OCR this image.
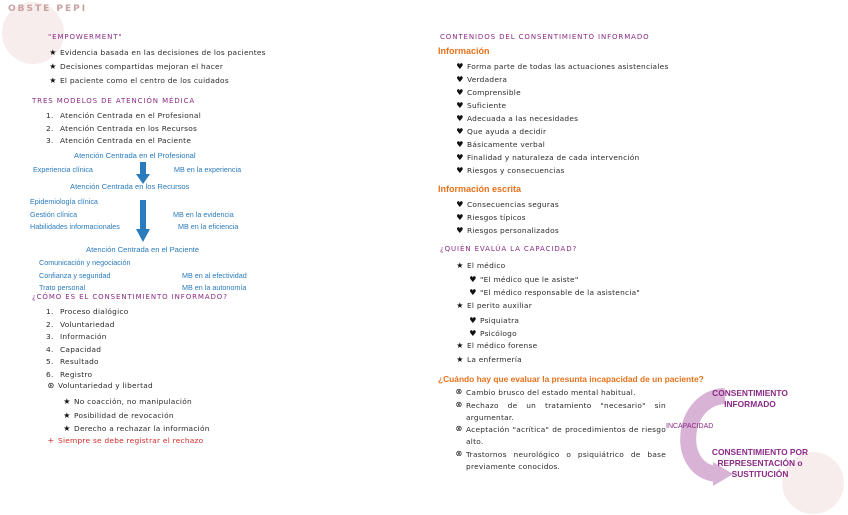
OBSTE PEPI
"EMPOWERMENT"
★ Evidencia basada en las decisiones de los pacientes
★ Decisiones compartidas mejoran el hacer
★ El paciente como el centro de los cuidados
TRES MODELOS DE ATENCIÓN MÉDICA
1. Atención Centrada en el Profesional
2. Atención Centrada en los Recursos
3. Atención Centrada en el Paciente
Atención Centrada en el Profesional
Experiencia clínica	MB en la experiencia
Atención Centrada en los Recursos
Epidemiología clínica
Gestión clínica
Habilidades informacionales
MB en la evidencia
MB en la eficiencia
Atención Centrada en el Paciente
Comunicación y negociación
Confianza y seguridad
Trato personal
MB en al efectividad
MB en la autonomía
¿CÓMO ES EL CONSENTIMIENTO INFORMADO?
1. Proceso dialógico
2. Voluntariedad
3. Información
4. Capacidad
5. Resultado
6. Registro
⊛ Voluntariedad y libertad
★ No coacción, no manipulación
★ Posibilidad de revocación
★ Derecho a rechazar la información
+ Siempre se debe registrar el rechazo
CONTENIDOS DEL CONSENTIMIENTO INFORMADO
Información
♥ Forma parte de todas las actuaciones asistenciales
♥ Verdadera
♥ Comprensible
♥ Suficiente
♥ Adecuada a las necesidades
♥ Que ayuda a decidir
♥ Básicamente verbal
♥ Finalidad y naturaleza de cada intervención
♥ Riesgos y consecuencias
Información escrita
♥ Consecuencias seguras
♥ Riesgos típicos
♥ Riesgos personalizados
¿QUIÉN EVALÚA LA CAPACIDAD?
★ El médico
♥ "El médico que le asiste"
♥ "El médico responsable de la asistencia"
★ El perito auxiliar
♥ Psiquiatra
♥ Psicólogo
★ El médico forense
★ La enfermería
¿Cuándo hay que evaluar la presunta incapacidad de un paciente?
⊗ Cambio brusco del estado mental habitual.
⊗ Rechazo de un tratamiento "necesario" sin argumentar.
⊗ Aceptación "acrítica" de procedimientos de riesgo alto.
⊗ Trastornos neurológico o psiquiátrico de base previamente conocidos.
CONSENTIMIENTO INFORMADO
INCAPACIDAD
CONSENTIMIENTO POR REPRESENTACIÓN o SUSTITUCIÓN
